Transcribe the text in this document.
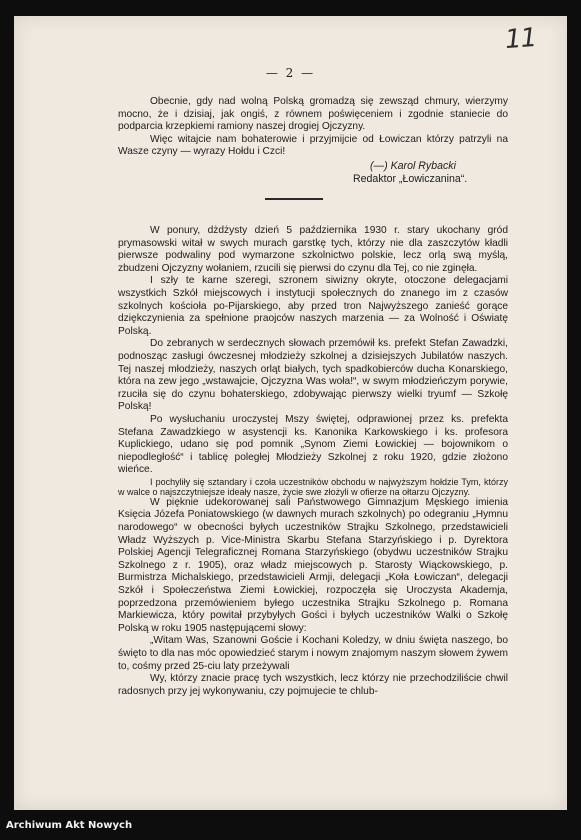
11
— 2 —

Obecnie, gdy nad wolną Polską gromadzą się zewsząd chmury, wierzymy mocno, że i dzisiaj, jak ongiś, z równem poświęceniem i zgodnie staniecie do podparcia krzepkiemi ramiony naszej drogiej Ojczyzny.

Więc witajcie nam bohaterowie i przyjmijcie od Łowiczan którzy patrzyli na Wasze czyny — wyrazy Hołdu i Czci!

(—) Karol Rybacki
Redaktor „Łowiczanina“.

W ponury, dżdżysty dzień 5 października 1930 r. stary ukochany gród prymasowski witał w swych murach garstkę tych, którzy nie dla zaszczytów kładli pierwsze podwaliny pod wymarzone szkolnictwo polskie, lecz orlą swą myślą, zbudzeni Ojczyzny wołaniem, rzucili się pierwsi do czynu dla Tej, co nie zginęła.

I szły te karne szeregi, szronem siwizny okryte, otoczone delegacjami wszystkich Szkół miejscowych i instytucji społecznych do znanego im z czasów szkolnych kościoła po-Pijarskiego, aby przed tron Najwyższego zanieść gorące dziękczynienia za spełnione praojców naszych marzenia — za Wolność i Oświatę Polską.

Do zebranych w serdecznych słowach przemówił ks. prefekt Stefan Zawadzki, podnosząc zasługi ówczesnej młodzieży szkolnej a dzisiejszych Jubilatów naszych. Tej naszej młodzieży, naszych orląt białych, tych spadkobierców ducha Konarskiego, która na zew jego „wstawajcie, Ojczyzna Was woła!“, w swym młodzieńczym porywie, rzuciła się do czynu bohaterskiego, zdobywając pierwszy wielki tryumf — Szkołę Polską!

Po wysłuchaniu uroczystej Mszy świętej, odprawionej przez ks. prefekta Stefana Zawadzkiego w asystencji ks. Kanonika Karkowskiego i ks. profesora Kuplickiego, udano się pod pomnik „Synom Ziemi Łowickiej — bojownikom o niepodległość“ i tablicę poległej Młodzieży Szkolnej z roku 1920, gdzie złożono wieńce.

I pochyliły się sztandary i czoła uczestników obchodu w najwyższym hołdzie Tym, którzy w walce o najszczytniejsze ideały nasze, życie swe złożyli w ofierze na ołtarzu Ojczyzny.

W pięknie udekorowanej sali Państwowego Gimnazjum Męskiego imienia Księcia Józefa Poniatowskiego (w dawnych murach szkolnych) po odegraniu „Hymnu narodowego“ w obecności byłych uczestników Strajku Szkolnego, przedstawicieli Władz Wyższych p. Vice-Ministra Skarbu Stefana Starzyńskiego i p. Dyrektora Polskiej Agencji Telegraficznej Romana Starzyńskiego (obydwu uczestników Strajku Szkolnego z r. 1905), oraz władz miejscowych p. Starosty Wiąckowskiego, p. Burmistrza Michalskiego, przedstawicieli Armji, delegacji „Koła Łowiczan“, delegacji Szkół i Społeczeństwa Ziemi Łowickiej, rozpoczęła się Uroczysta Akademja, poprzedzona przemówieniem byłego uczestnika Strajku Szkolnego p. Romana Markiewicza, który powitał przybyłych Gości i byłych uczestników Walki o Szkołę Polską w roku 1905 następującemi słowy:

„Witam Was, Szanowni Goście i Kochani Koledzy, w dniu święta naszego, bo święto to dla nas móc opowiedzieć starym i nowym znajomym naszym słowem żywem to, cośmy przed 25-ciu laty przeżywali

Wy, którzy znacie pracę tych wszystkich, lecz którzy nie przechodziliście chwil radosnych przy jej wykonywaniu, czy pojmujecie te chlub-

Archiwum Akt Nowych
